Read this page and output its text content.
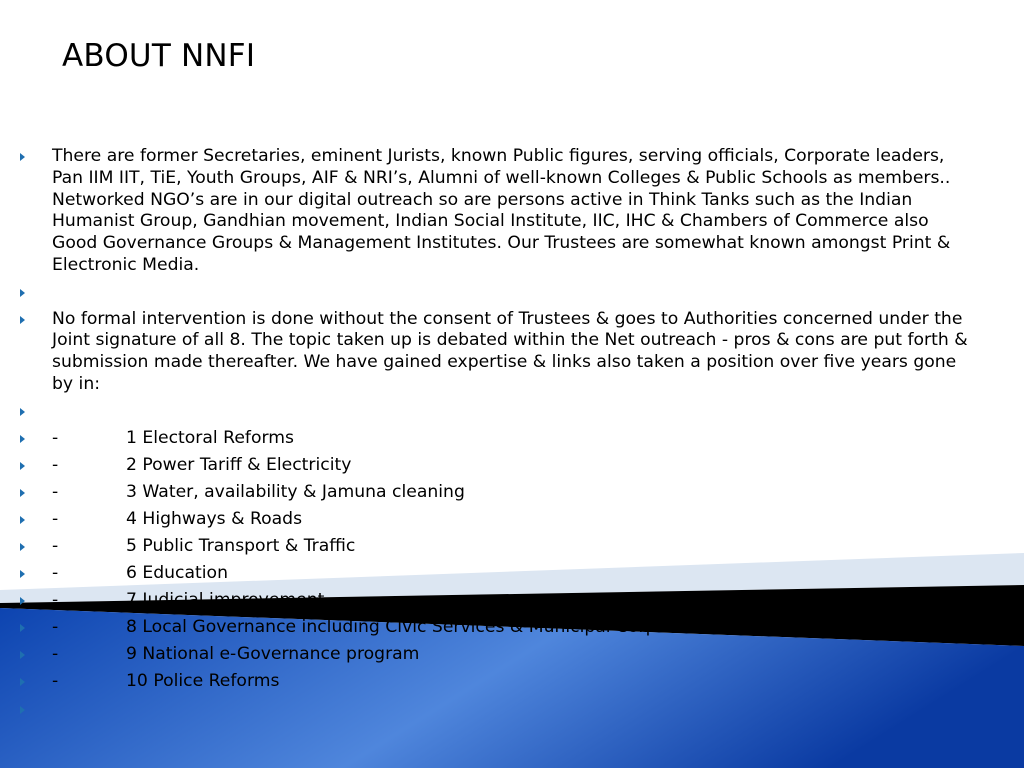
ABOUT NNFI
There are former Secretaries, eminent Jurists, known Public figures, serving officials, Corporate leaders, Pan IIM IIT, TiE, Youth Groups, AIF & NRI’s, Alumni of well-known Colleges & Public Schools as members.. Networked NGO’s are in our digital outreach so are persons active in Think Tanks such as the Indian Humanist Group, Gandhian movement, Indian Social Institute, IIC, IHC & Chambers of Commerce also Good Governance Groups & Management Institutes. Our Trustees are somewhat known amongst Print & Electronic Media.
No formal intervention is done without the consent of Trustees & goes to Authorities concerned under the Joint signature of all 8. The topic taken up is debated within the Net outreach - pros & cons are put forth & submission made thereafter. We have gained expertise & links also taken a position over five years gone by in:
-	1 Electoral Reforms
-	2 Power Tariff & Electricity
-	3 Water, availability & Jamuna cleaning
-	4 Highways & Roads
-	5 Public Transport & Traffic
-	6 Education
-	7 Judicial improvement
-	8 Local Governance including Civic Services & Municipal Corporations
-	9 National e-Governance program
-	10 Police Reforms
